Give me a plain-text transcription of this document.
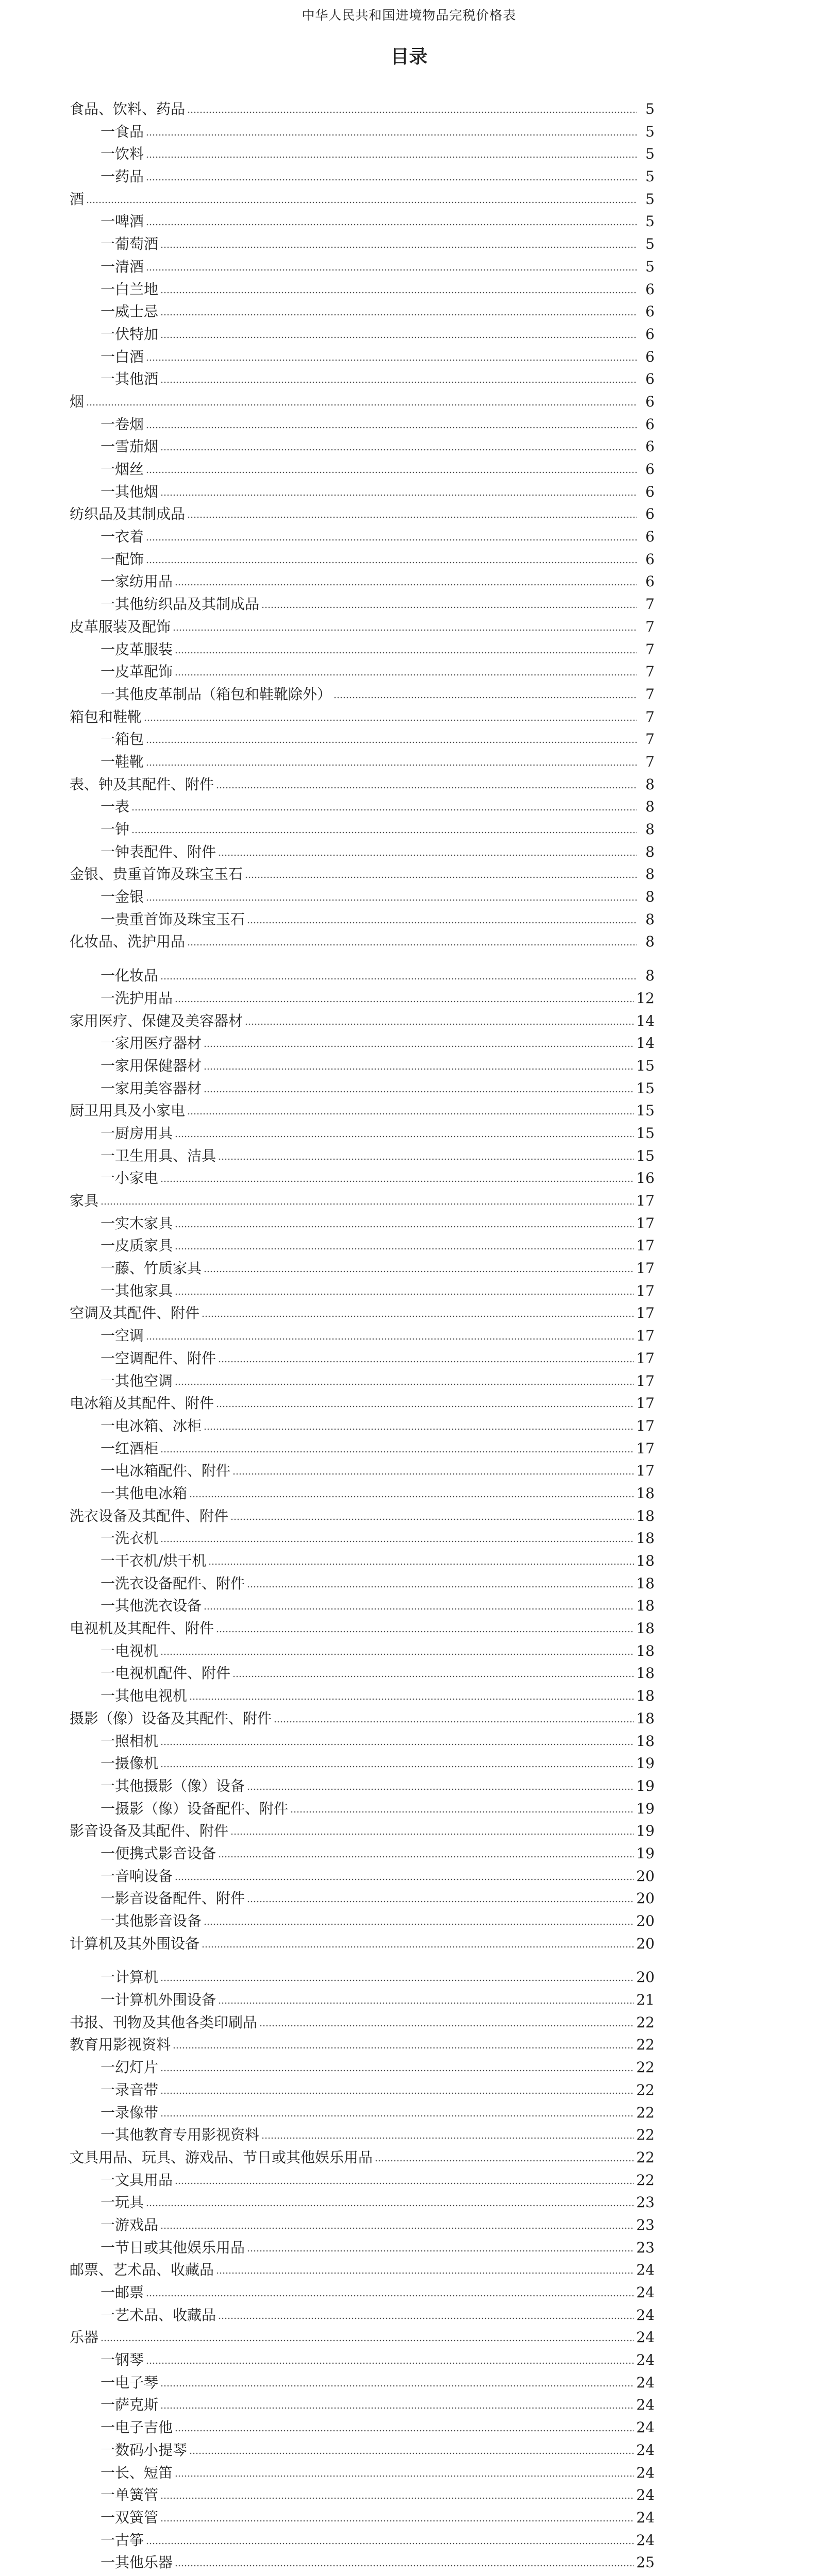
中华人民共和国进境物品完税价格表
目录
食品、饮料、药品	5
一食品	5
一饮料	5
一药品	5
酒	5
一啤酒	5
一葡萄酒	5
一清酒	5
一白兰地	6
一威士忌	6
一伏特加	6
一白酒	6
一其他酒	6
烟	6
一卷烟	6
一雪茄烟	6
一烟丝	6
一其他烟	6
纺织品及其制成品	6
一衣着	6
一配饰	6
一家纺用品	6
一其他纺织品及其制成品	7
皮革服装及配饰	7
一皮革服装	7
一皮革配饰	7
一其他皮革制品（箱包和鞋靴除外）	7
箱包和鞋靴	7
一箱包	7
一鞋靴	7
表、钟及其配件、附件	8
一表	8
一钟	8
一钟表配件、附件	8
金银、贵重首饰及珠宝玉石	8
一金银	8
一贵重首饰及珠宝玉石	8
化妆品、洗护用品	8
一化妆品	8
一洗护用品	12
家用医疗、保健及美容器材	14
一家用医疗器材	14
一家用保健器材	15
一家用美容器材	15
厨卫用具及小家电	15
一厨房用具	15
一卫生用具、洁具	15
一小家电	16
家具	17
一实木家具	17
一皮质家具	17
一藤、竹质家具	17
一其他家具	17
空调及其配件、附件	17
一空调	17
一空调配件、附件	17
一其他空调	17
电冰箱及其配件、附件	17
一电冰箱、冰柜	17
一红酒柜	17
一电冰箱配件、附件	17
一其他电冰箱	18
洗衣设备及其配件、附件	18
一洗衣机	18
一干衣机/烘干机	18
一洗衣设备配件、附件	18
一其他洗衣设备	18
电视机及其配件、附件	18
一电视机	18
一电视机配件、附件	18
一其他电视机	18
摄影（像）设备及其配件、附件	18
一照相机	18
一摄像机	19
一其他摄影（像）设备	19
一摄影（像）设备配件、附件	19
影音设备及其配件、附件	19
一便携式影音设备	19
一音响设备	20
一影音设备配件、附件	20
一其他影音设备	20
计算机及其外围设备	20
一计算机	20
一计算机外围设备	21
书报、刊物及其他各类印刷品	22
教育用影视资料	22
一幻灯片	22
一录音带	22
一录像带	22
一其他教育专用影视资料	22
文具用品、玩具、游戏品、节日或其他娱乐用品	22
一文具用品	22
一玩具	23
一游戏品	23
一节日或其他娱乐用品	23
邮票、艺术品、收藏品	24
一邮票	24
一艺术品、收藏品	24
乐器	24
一钢琴	24
一电子琴	24
一萨克斯	24
一电子吉他	24
一数码小提琴	24
一长、短笛	24
一单簧管	24
一双簧管	24
一古筝	24
一其他乐器	25
